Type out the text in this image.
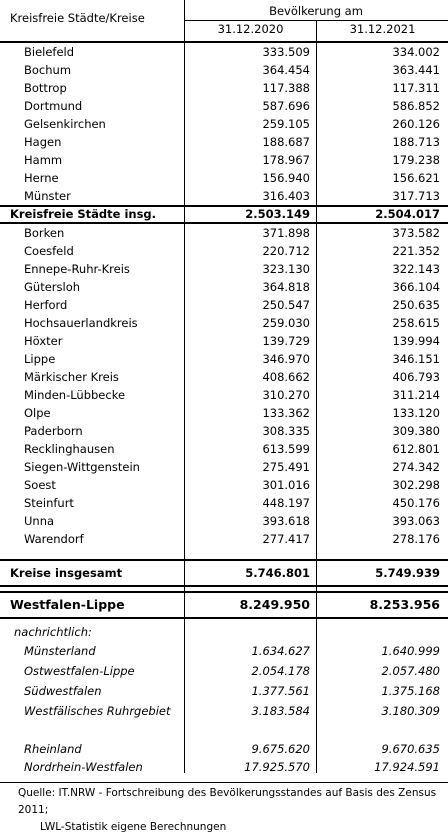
Kreisfreie Städte/Kreise	Bevölkerung am
31.12.2020	31.12.2021
Bielefeld	333.509	334.002
Bochum	364.454	363.441
Bottrop	117.388	117.311
Dortmund	587.696	586.852
Gelsenkirchen	259.105	260.126
Hagen	188.687	188.713
Hamm	178.967	179.238
Herne	156.940	156.621
Münster	316.403	317.713
Kreisfreie Städte insg.	2.503.149	2.504.017
Borken	371.898	373.582
Coesfeld	220.712	221.352
Ennepe-Ruhr-Kreis	323.130	322.143
Gütersloh	364.818	366.104
Herford	250.547	250.635
Hochsauerlandkreis	259.030	258.615
Höxter	139.729	139.994
Lippe	346.970	346.151
Märkischer Kreis	408.662	406.793
Minden-Lübbecke	310.270	311.214
Olpe	133.362	133.120
Paderborn	308.335	309.380
Recklinghausen	613.599	612.801
Siegen-Wittgenstein	275.491	274.342
Soest	301.016	302.298
Steinfurt	448.197	450.176
Unna	393.618	393.063
Warendorf	277.417	278.176
Kreise insgesamt	5.746.801	5.749.939
Westfalen-Lippe	8.249.950	8.253.956
nachrichtlich:
Münsterland	1.634.627	1.640.999
Ostwestfalen-Lippe	2.054.178	2.057.480
Südwestfalen	1.377.561	1.375.168
Westfälisches Ruhrgebiet	3.183.584	3.180.309
Rheinland	9.675.620	9.670.635
Nordrhein-Westfalen	17.925.570	17.924.591
Quelle: IT.NRW - Fortschreibung des Bevölkerungsstandes auf Basis des Zensus 2011;
LWL-Statistik eigene Berechnungen
